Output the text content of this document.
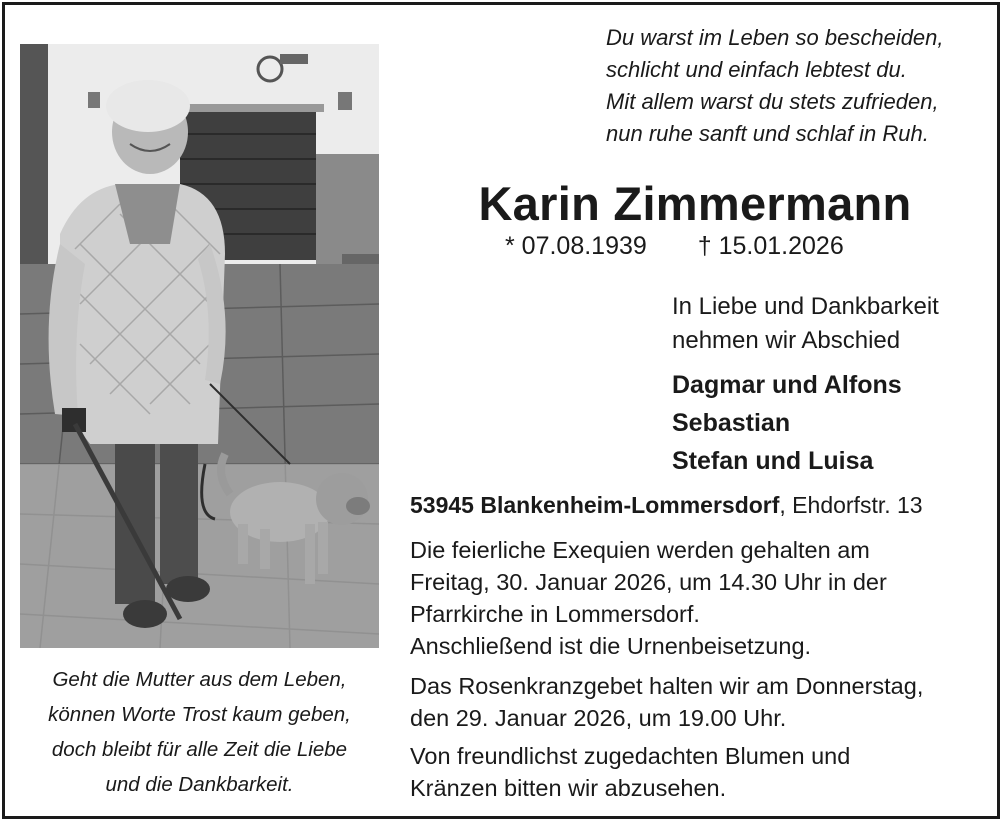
Du warst im Leben so bescheiden,
schlicht und einfach lebtest du.
Mit allem warst du stets zufrieden,
nun ruhe sanft und schlaf in Ruh.
Karin Zimmermann
* 07.08.1939 † 15.01.2026
In Liebe und Dankbarkeit
nehmen wir Abschied
Dagmar und Alfons
Sebastian
Stefan und Luisa
53945 Blankenheim-Lommersdorf, Ehdorfstr. 13
Die feierliche Exequien werden gehalten am
Freitag, 30. Januar 2026, um 14.30 Uhr in der
Pfarrkirche in Lommersdorf.
Anschließend ist die Urnenbeisetzung.
Das Rosenkranzgebet halten wir am Donnerstag,
den 29. Januar 2026, um 19.00 Uhr.
Von freundlichst zugedachten Blumen und
Kränzen bitten wir abzusehen.
Geht die Mutter aus dem Leben,
können Worte Trost kaum geben,
doch bleibt für alle Zeit die Liebe
und die Dankbarkeit.
